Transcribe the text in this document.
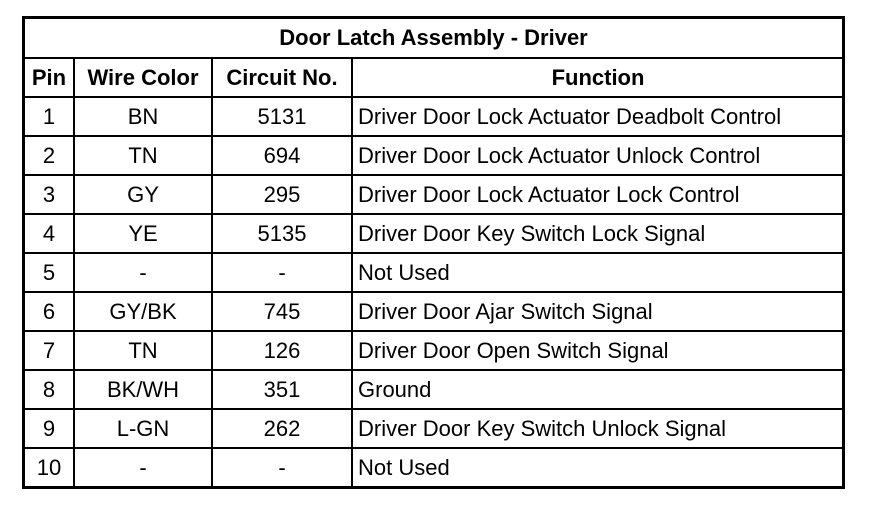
Door Latch Assembly - Driver			
Pin	Wire Color	Circuit No.	Function
1	BN	5131	Driver Door Lock Actuator Deadbolt Control
2	TN	694	Driver Door Lock Actuator Unlock Control
3	GY	295	Driver Door Lock Actuator Lock Control
4	YE	5135	Driver Door Key Switch Lock Signal
5	-	-	Not Used
6	GY/BK	745	Driver Door Ajar Switch Signal
7	TN	126	Driver Door Open Switch Signal
8	BK/WH	351	Ground
9	L-GN	262	Driver Door Key Switch Unlock Signal
10	-	-	Not Used
